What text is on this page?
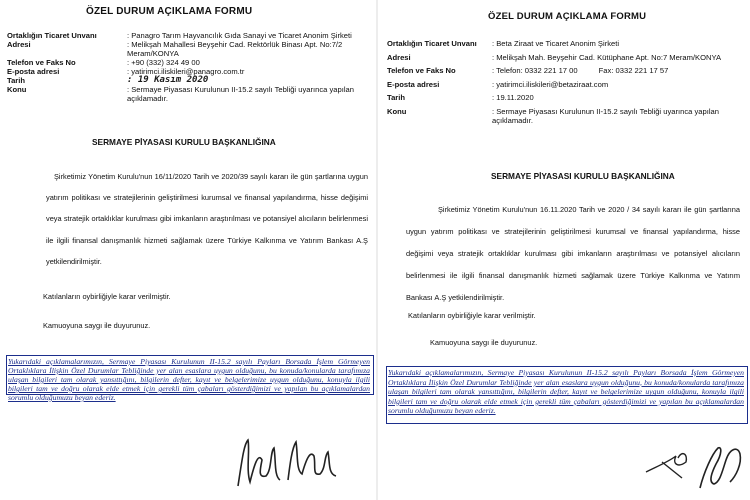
ÖZEL DURUM AÇIKLAMA FORMU
Ortaklığın Ticaret Unvanı	: Panagro Tarım Hayvancılık Gıda Sanayi ve Ticaret Anonim Şirketi
Adresi	: Melikşah Mahallesi Beyşehir Cad. Rektörlük Binası Apt. No:7/2 Meram/KONYA
Telefon ve Faks No	: +90 (332) 324 49 00
E-posta adresi	: yatirimci.iliskileri@panagro.com.tr
Tarih	: 19 Kasım 2020
Konu	: Sermaye Piyasası Kurulunun II-15.2 sayılı Tebliği uyarınca yapılan açıklamadır.
SERMAYE PİYASASI KURULU BAŞKANLIĞINA
Şirketimiz Yönetim Kurulu'nun 16/11/2020 Tarih ve 2020/39 sayılı kararı ile gün şartlarına uygun yatırım politikası ve stratejilerinin geliştirilmesi kurumsal ve finansal yapılandırma, hisse değişimi veya stratejik ortaklıklar kurulması gibi imkanların araştırılması ve potansiyel alıcıların belirlenmesi ile ilgili finansal danışmanlık hizmeti sağlamak üzere Türkiye Kalkınma ve Yatırım Bankası A.Ş yetkilendirilmiştir.
Katılanların oybirliğiyle karar verilmiştir.
Kamuoyuna saygı ile duyurunuz.
Yukarıdaki açıklamalarımızın, Sermaye Piyasası Kurulunun II-15.2 sayılı Payları Borsada İşlem Görmeyen Ortaklıklara İlişkin Özel Durumlar Tebliğinde yer alan esaslara uygun olduğunu, bu konuda/konularda tarafımıza ulaşan bilgileri tam olarak yansıttığını, bilgilerin defter, kayıt ve belgelerimize uygun olduğunu, konuyla ilgili bilgileri tam ve doğru olarak elde etmek için gerekli tüm çabaları gösterdiğimizi ve yapılan bu açıklamalardan sorumlu olduğumuzu beyan ederiz.
ÖZEL DURUM AÇIKLAMA FORMU
Ortaklığın Ticaret Unvanı	: Beta Ziraat ve Ticaret Anonim Şirketi
Adresi	: Melikşah Mah. Beyşehir Cad. Kütüphane Apt. No:7 Meram/KONYA
Telefon ve Faks No	: Telefon: 0332 221 17 00          Fax: 0332 221 17 57
E-posta adresi	: yatirimci.iliskileri@betaziraat.com
Tarih	: 19.11.2020
Konu	: Sermaye Piyasası Kurulunun II-15.2 sayılı Tebliği uyarınca yapılan açıklamadır.
SERMAYE PİYASASI KURULU BAŞKANLIĞINA
Şirketimiz Yönetim Kurulu'nun 16.11.2020 Tarih ve 2020 / 34 sayılı kararı ile gün şartlarına uygun yatırım politikası ve stratejilerinin geliştirilmesi kurumsal ve finansal yapılandırma, hisse değişimi veya stratejik ortaklıklar kurulması gibi imkanların araştırılması ve potansiyel alıcıların belirlenmesi ile ilgili finansal danışmanlık hizmeti sağlamak üzere Türkiye Kalkınma ve Yatırım Bankası A.Ş yetkilendirilmiştir.
Katılanların oybirliğiyle karar verilmiştir.
Kamuoyuna saygı ile duyurunuz.
Yukarıdaki açıklamalarımızın, Sermaye Piyasası Kurulunun II-15.2 sayılı Payları Borsada İşlem Görmeyen Ortaklıklara İlişkin Özel Durumlar Tebliğinde yer alan esaslara uygun olduğunu, bu konuda/konularda tarafımıza ulaşan bilgileri tam olarak yansıttığını, bilgilerin defter, kayıt ve belgelerimize uygun olduğunu, konuyla ilgili bilgileri tam ve doğru olarak elde etmek için gerekli tüm çabaları gösterdiğimizi ve yapılan bu açıklamalardan sorumlu olduğumuzu beyan ederiz.
